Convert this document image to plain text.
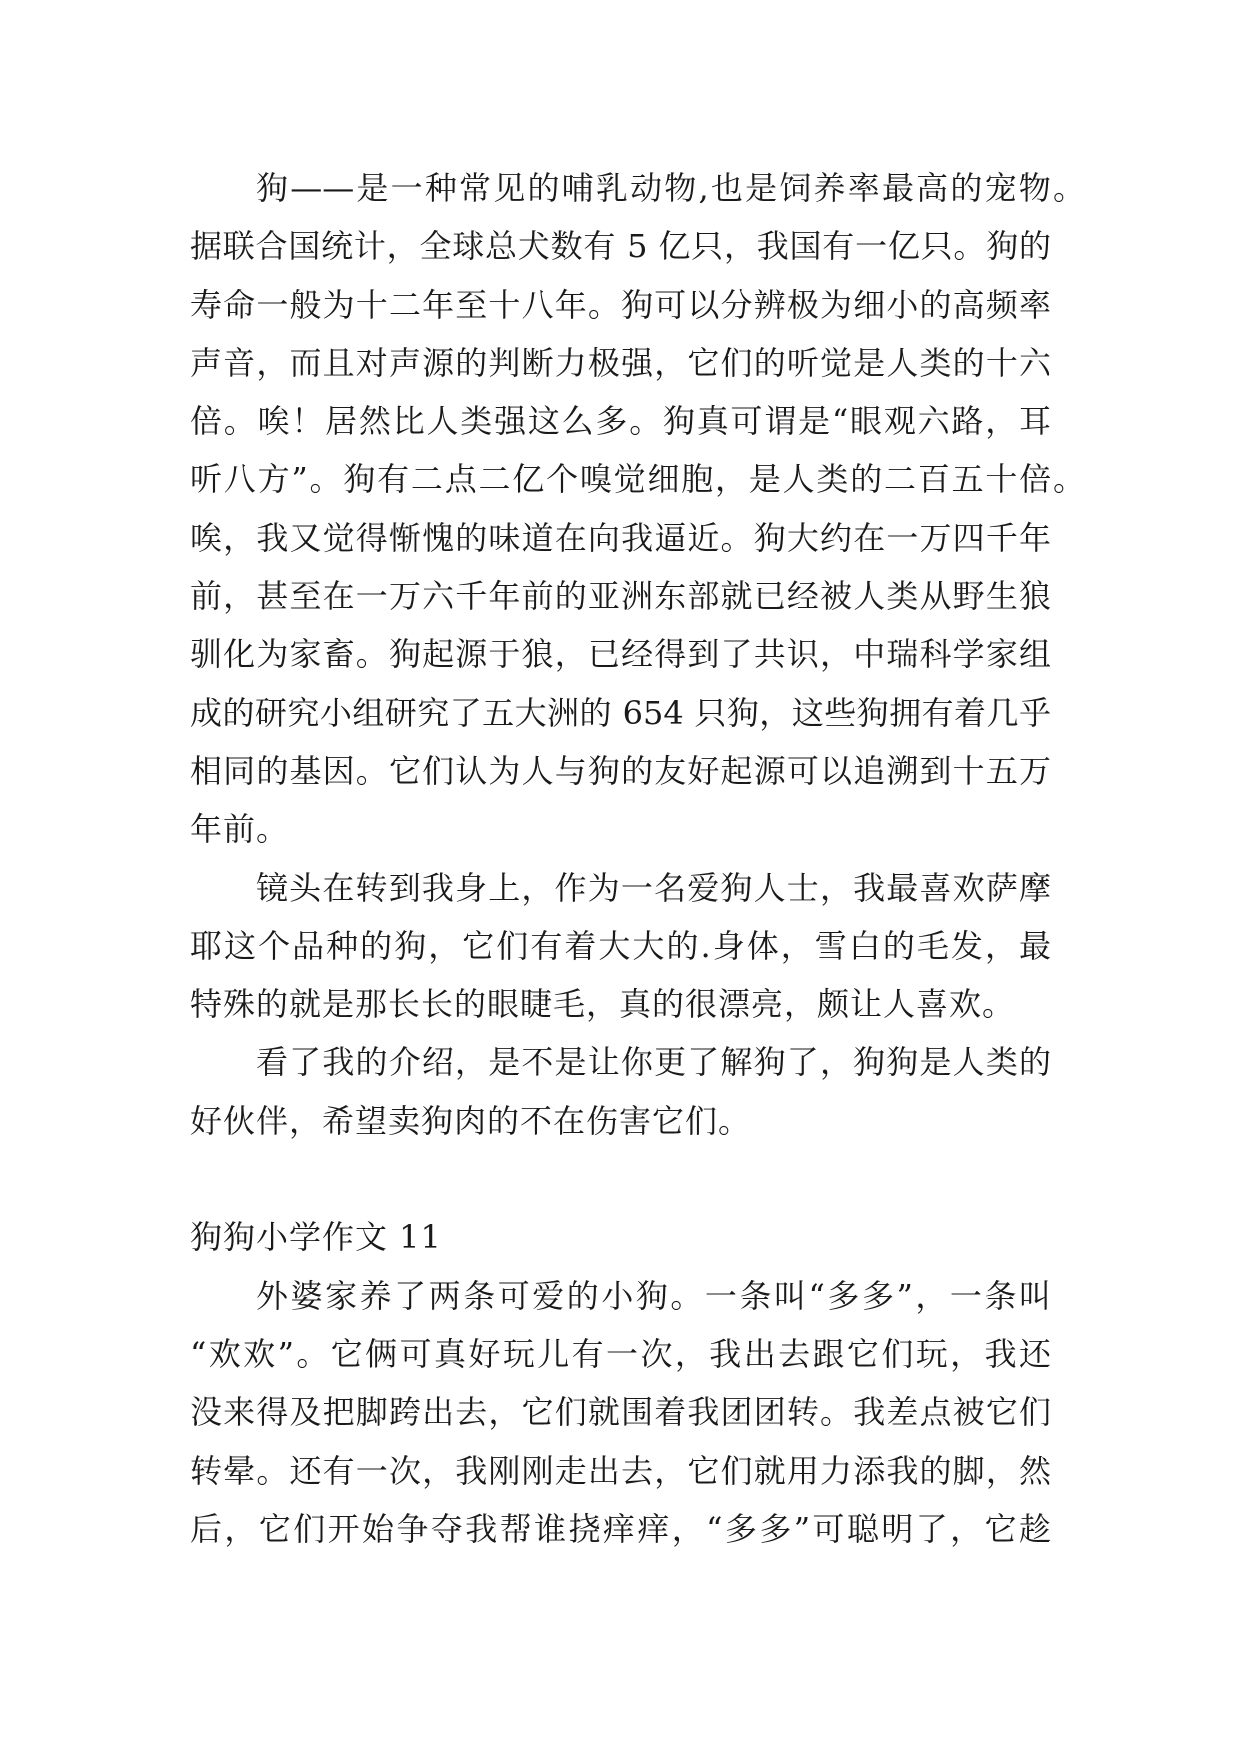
狗——是一种常见的哺乳动物,也是饲养率最高的宠物。
据联合国统计，全球总犬数有 5 亿只，我国有一亿只。狗的
寿命一般为十二年至十八年。狗可以分辨极为细小的高频率
声音，而且对声源的判断力极强，它们的听觉是人类的十六
倍。唉！居然比人类强这么多。狗真可谓是“眼观六路，耳
听八方”。狗有二点二亿个嗅觉细胞，是人类的二百五十倍。
唉，我又觉得惭愧的味道在向我逼近。狗大约在一万四千年
前，甚至在一万六千年前的亚洲东部就已经被人类从野生狼
驯化为家畜。狗起源于狼，已经得到了共识，中瑞科学家组
成的研究小组研究了五大洲的 654 只狗，这些狗拥有着几乎
相同的基因。它们认为人与狗的友好起源可以追溯到十五万
年前。
镜头在转到我身上，作为一名爱狗人士，我最喜欢萨摩
耶这个品种的狗，它们有着大大的.身体，雪白的毛发，最
特殊的就是那长长的眼睫毛，真的很漂亮，颇让人喜欢。
看了我的介绍，是不是让你更了解狗了，狗狗是人类的
好伙伴，希望卖狗肉的不在伤害它们。
狗狗小学作文 11
外婆家养了两条可爱的小狗。一条叫“多多”，一条叫
“欢欢”。它俩可真好玩儿有一次，我出去跟它们玩，我还
没来得及把脚跨出去，它们就围着我团团转。我差点被它们
转晕。还有一次，我刚刚走出去，它们就用力添我的脚，然
后，它们开始争夺我帮谁挠痒痒，“多多”可聪明了，它趁
